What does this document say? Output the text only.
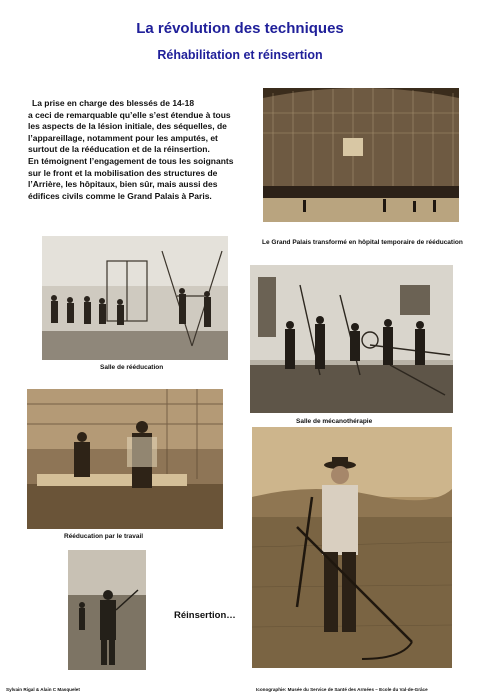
La révolution des techniques
Réhabilitation et réinsertion

La prise en charge des blessés de 14-18

a ceci de remarquable qu’elle s’est étendue à tous

les aspects de la lésion initiale, des séquelles, de

l’appareillage, notamment pour les amputés, et

surtout de la rééducation et de la réinsertion.

En témoignent l’engagement de tous les soignants

sur le front et la mobilisation des structures de

l’Arrière, les hôpitaux, bien sûr, mais aussi des

édifices civils comme le Grand Palais à Paris.

Le Grand Palais transformé en hôpital temporaire de rééducation
Salle de rééducation
Salle de mécanothérapie
Rééducation par le travail
Réinsertion…
Sylvain Rigal & Alain C Masquelet	Iconographie: Musée du Service de Santé des Armées – Ecole du Val-de-Grâce
